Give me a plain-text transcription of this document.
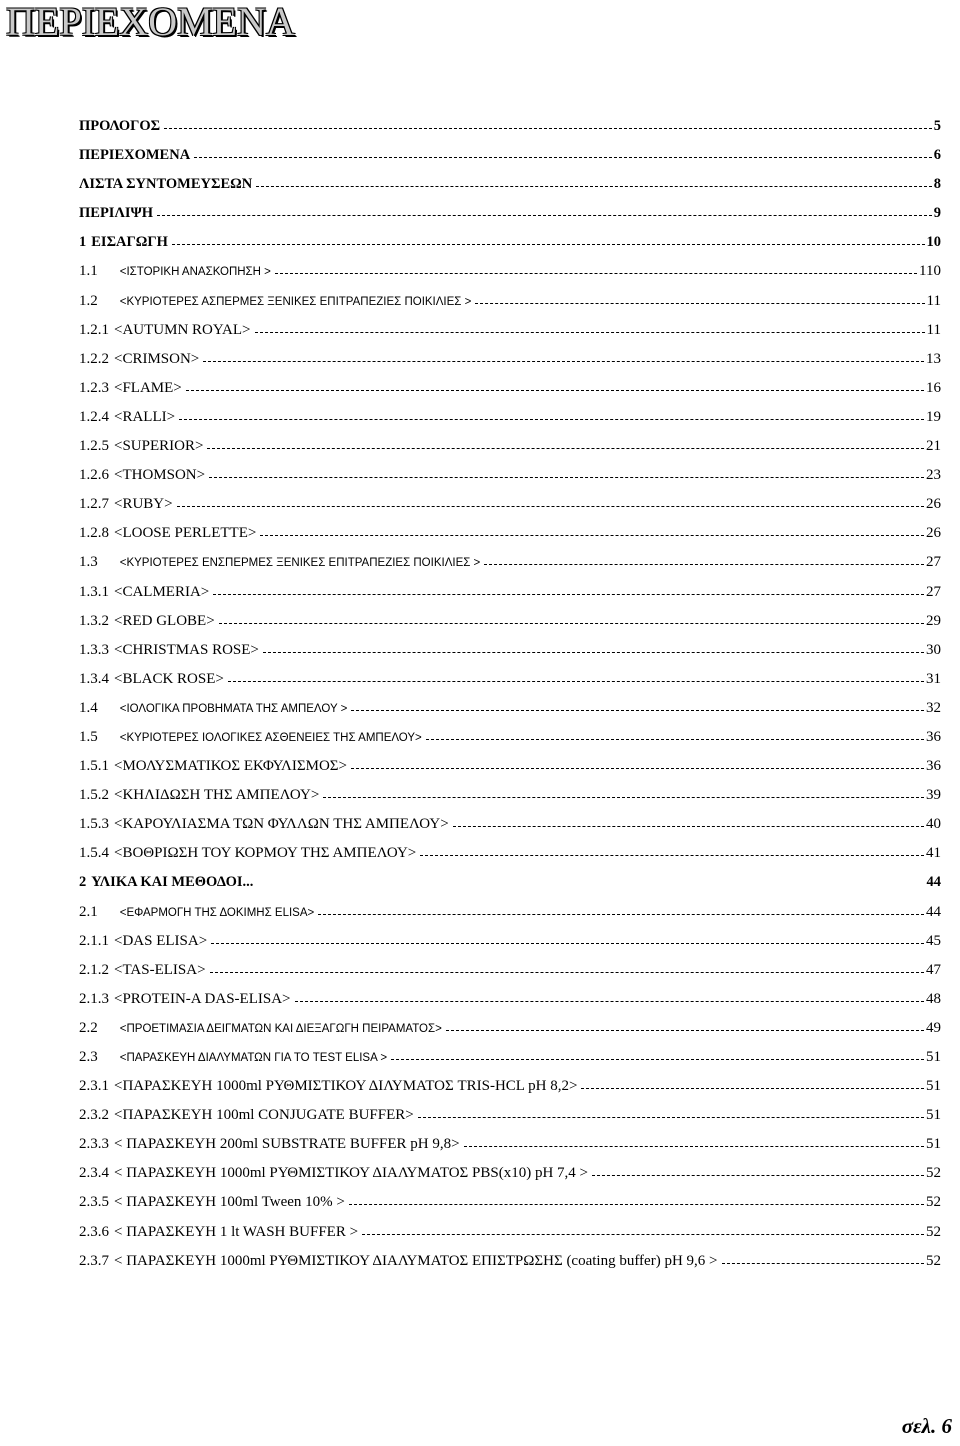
ΠΕΡΙΕΧΟΜΕΝΑ
ΠΡΟΛΟΓΟΣ	5
ΠΕΡΙΕΧΟΜΕΝΑ	6
ΛΙΣΤΑ ΣΥΝΤΟΜΕΥΣΕΩΝ	8
ΠΕΡΙΛΙΨΗ	9
1 ΕΙΣΑΓΩΓΗ	10
1.1 <ΙΣΤΟΡΙΚΗ ΑΝΑΣΚΟΠΗΣΗ >	110
1.2 <ΚΥΡΙΟΤΕΡΕΣ ΑΣΠΕΡΜΕΣ ΞΕΝΙΚΕΣ ΕΠΙΤΡΑΠΕΖΙΕΣ ΠΟΙΚΙΛΙΕΣ >	11
1.2.1 <AUTUMN ROYAL>	11
1.2.2 <CRIMSON>	13
1.2.3 <FLAME>	16
1.2.4 <RALLI>	19
1.2.5 <SUPERIOR>	21
1.2.6 <THOMSON>	23
1.2.7 <RUBY>	26
1.2.8 <LOOSE PERLETTE>	26
1.3 <ΚΥΡΙΟΤΕΡΕΣ ΕΝΣΠΕΡΜΕΣ ΞΕΝΙΚΕΣ ΕΠΙΤΡΑΠΕΖΙΕΣ ΠΟΙΚΙΛΙΕΣ >	27
1.3.1 <CALMERIA>	27
1.3.2 <RED GLOBE>	29
1.3.3 <CHRISTMAS ROSE>	30
1.3.4 <BLACK ROSE>	31
1.4 <ΙΟΛΟΓΙΚΑ ΠΡΟΒΗΜΑΤΑ ΤΗΣ ΑΜΠΕΛΟΥ >	32
1.5 <ΚΥΡΙΟΤΕΡΕΣ ΙΟΛΟΓΙΚΕΣ ΑΣΘΕΝΕΙΕΣ ΤΗΣ ΑΜΠΕΛΟΥ>	36
1.5.1 <ΜΟΛΥΣΜΑΤΙΚΟΣ ΕΚΦΥΛΙΣΜΟΣ>	36
1.5.2 <ΚΗΛΙΔΩΣΗ ΤΗΣ ΑΜΠΕΛΟΥ>	39
1.5.3 <ΚΑΡΟΥΛΙΑΣΜΑ ΤΩΝ ΦΥΛΛΩΝ ΤΗΣ ΑΜΠΕΛΟΥ>	40
1.5.4 <ΒΟΘΡΙΩΣΗ ΤΟΥ ΚΟΡΜΟΥ ΤΗΣ ΑΜΠΕΛΟΥ>	41
2 ΥΛΙΚΑ ΚΑΙ ΜΕΘΟΔΟΙ...	44
2.1 <ΕΦΑΡΜΟΓΗ ΤΗΣ ΔΟΚΙΜΗΣ ELISA>	44
2.1.1 <DAS ELISA>	45
2.1.2 <TAS-ELISA>	47
2.1.3 <PROTEIN-A DAS-ELISA>	48
2.2 <ΠΡΟΕΤΙΜΑΣΙΑ ΔΕΙΓΜΑΤΩΝ ΚΑΙ ΔΙΕΞΑΓΩΓΗ ΠΕΙΡΑΜΑΤΟΣ>	49
2.3 <ΠΑΡΑΣΚΕΥΗ ΔΙΑΛΥΜΑΤΩΝ ΓΙΑ ΤΟ TEST ELISA >	51
2.3.1 <ΠΑΡΑΣΚΕΥΗ 1000ml ΡΥΘΜΙΣΤΙΚΟΥ ΔΙΛΥΜΑΤΟΣ TRIS-HCL pH 8,2>	51
2.3.2 <ΠΑΡΑΣΚΕΥΗ 100ml CONJUGATE BUFFER>	51
2.3.3 < ΠΑΡΑΣΚΕΥΗ 200ml SUBSTRATE BUFFER pH 9,8>	51
2.3.4 < ΠΑΡΑΣΚΕΥΗ 1000ml ΡΥΘΜΙΣΤΙΚΟΥ ΔΙΑΛΥΜΑΤΟΣ PBS(x10) pH 7,4 >	52
2.3.5 < ΠΑΡΑΣΚΕΥΗ 100ml Tween 10% >	52
2.3.6 < ΠΑΡΑΣΚΕΥΗ 1 lt WASH BUFFER >	52
2.3.7 < ΠΑΡΑΣΚΕΥΗ 1000ml ΡΥΘΜΙΣΤΙΚΟΥ ΔΙΑΛΥΜΑΤΟΣ ΕΠΙΣΤΡΩΣΗΣ (coating buffer) pH 9,6 >	52
σελ. 6
